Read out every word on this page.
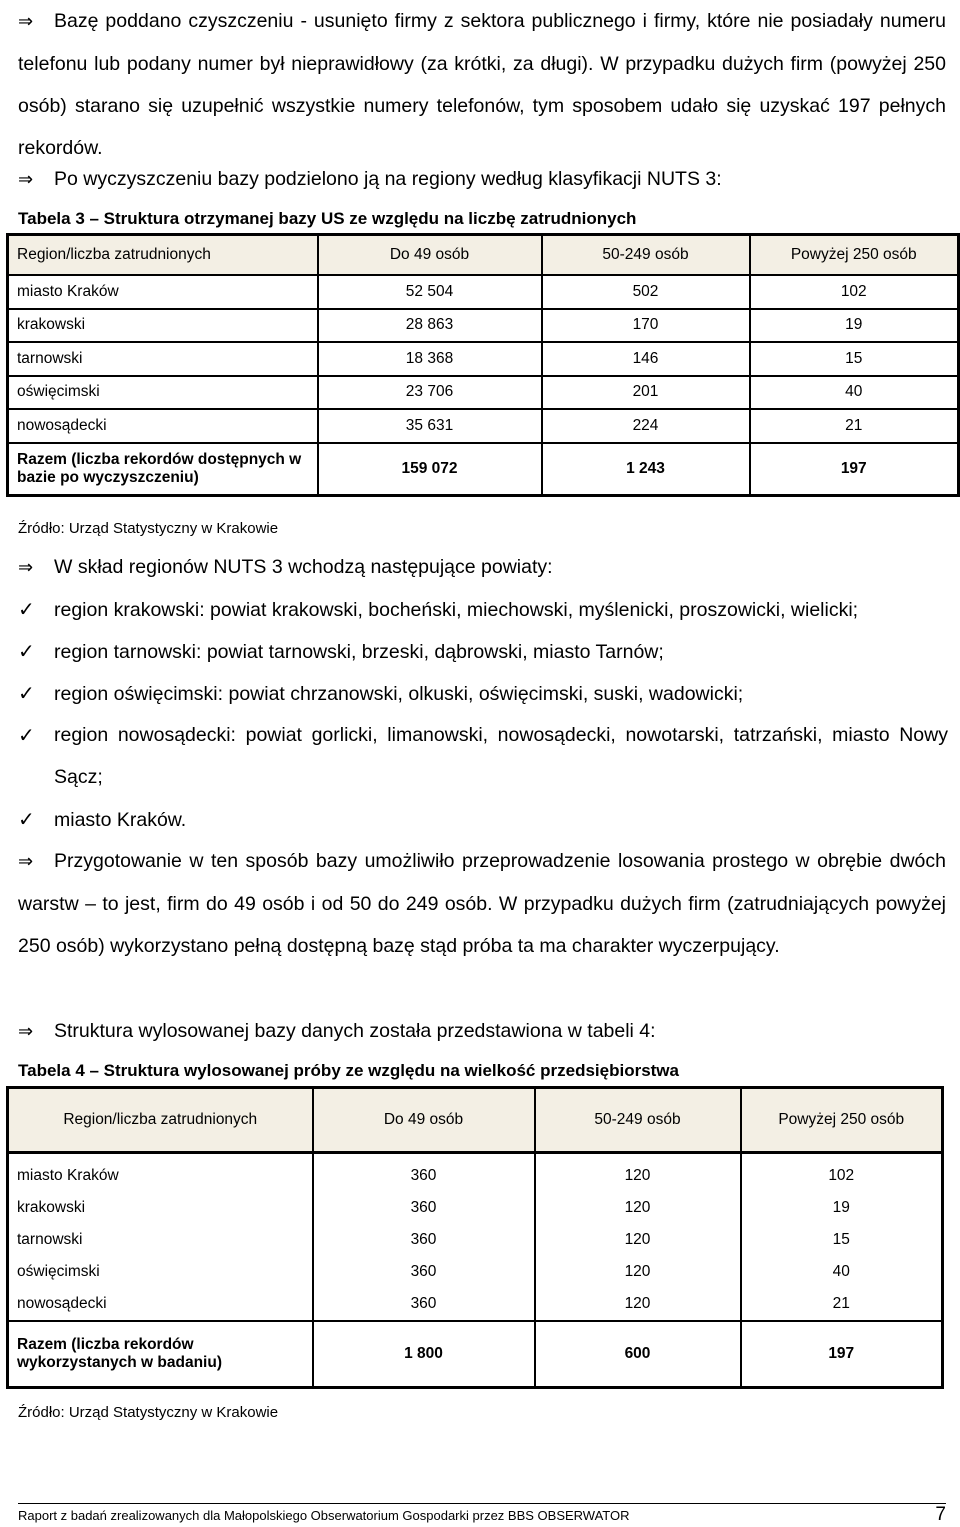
⇒ Bazę poddano czyszczeniu - usunięto firmy z sektora publicznego i firmy, które nie posiadały numeru telefonu lub podany numer był nieprawidłowy (za krótki, za długi). W przypadku dużych firm (powyżej 250 osób) starano się uzupełnić wszystkie numery telefonów, tym sposobem udało się uzyskać 197 pełnych rekordów.
⇒ Po wyczyszczeniu bazy podzielono ją na regiony według klasyfikacji NUTS 3:
Tabela 3 – Struktura otrzymanej bazy US ze względu na liczbę zatrudnionych
Region/liczba zatrudnionych	Do 49 osób	50-249 osób	Powyżej 250 osób
miasto Kraków	52 504	502	102
krakowski	28 863	170	19
tarnowski	18 368	146	15
oświęcimski	23 706	201	40
nowosądecki	35 631	224	21
Razem (liczba rekordów dostępnych w bazie po wyczyszczeniu)	159 072	1 243	197
Źródło: Urząd Statystyczny w Krakowie
⇒ W skład regionów NUTS 3 wchodzą następujące powiaty:
✓ region krakowski: powiat krakowski, bocheński, miechowski, myślenicki, proszowicki, wielicki;
✓ region tarnowski: powiat tarnowski, brzeski, dąbrowski, miasto Tarnów;
✓ region oświęcimski: powiat chrzanowski, olkuski, oświęcimski, suski, wadowicki;
✓ region nowosądecki: powiat gorlicki, limanowski, nowosądecki, nowotarski, tatrzański, miasto Nowy Sącz;
✓ miasto Kraków.
⇒ Przygotowanie w ten sposób bazy umożliwiło przeprowadzenie losowania prostego w obrębie dwóch warstw – to jest, firm do 49 osób i od 50 do 249 osób. W przypadku dużych firm (zatrudniających powyżej 250 osób) wykorzystano pełną dostępną bazę stąd próba ta ma charakter wyczerpujący.
⇒ Struktura wylosowanej bazy danych została przedstawiona w tabeli 4:
Tabela 4 – Struktura wylosowanej próby ze względu na wielkość przedsiębiorstwa
Region/liczba zatrudnionych	Do 49 osób	50-249 osób	Powyżej 250 osób
miasto Kraków	360	120	102
krakowski	360	120	19
tarnowski	360	120	15
oświęcimski	360	120	40
nowosądecki	360	120	21
Razem (liczba rekordów wykorzystanych w badaniu)	1 800	600	197
Źródło: Urząd Statystyczny w Krakowie
Raport z badań zrealizowanych dla Małopolskiego Obserwatorium Gospodarki przez BBS OBSERWATOR	7
